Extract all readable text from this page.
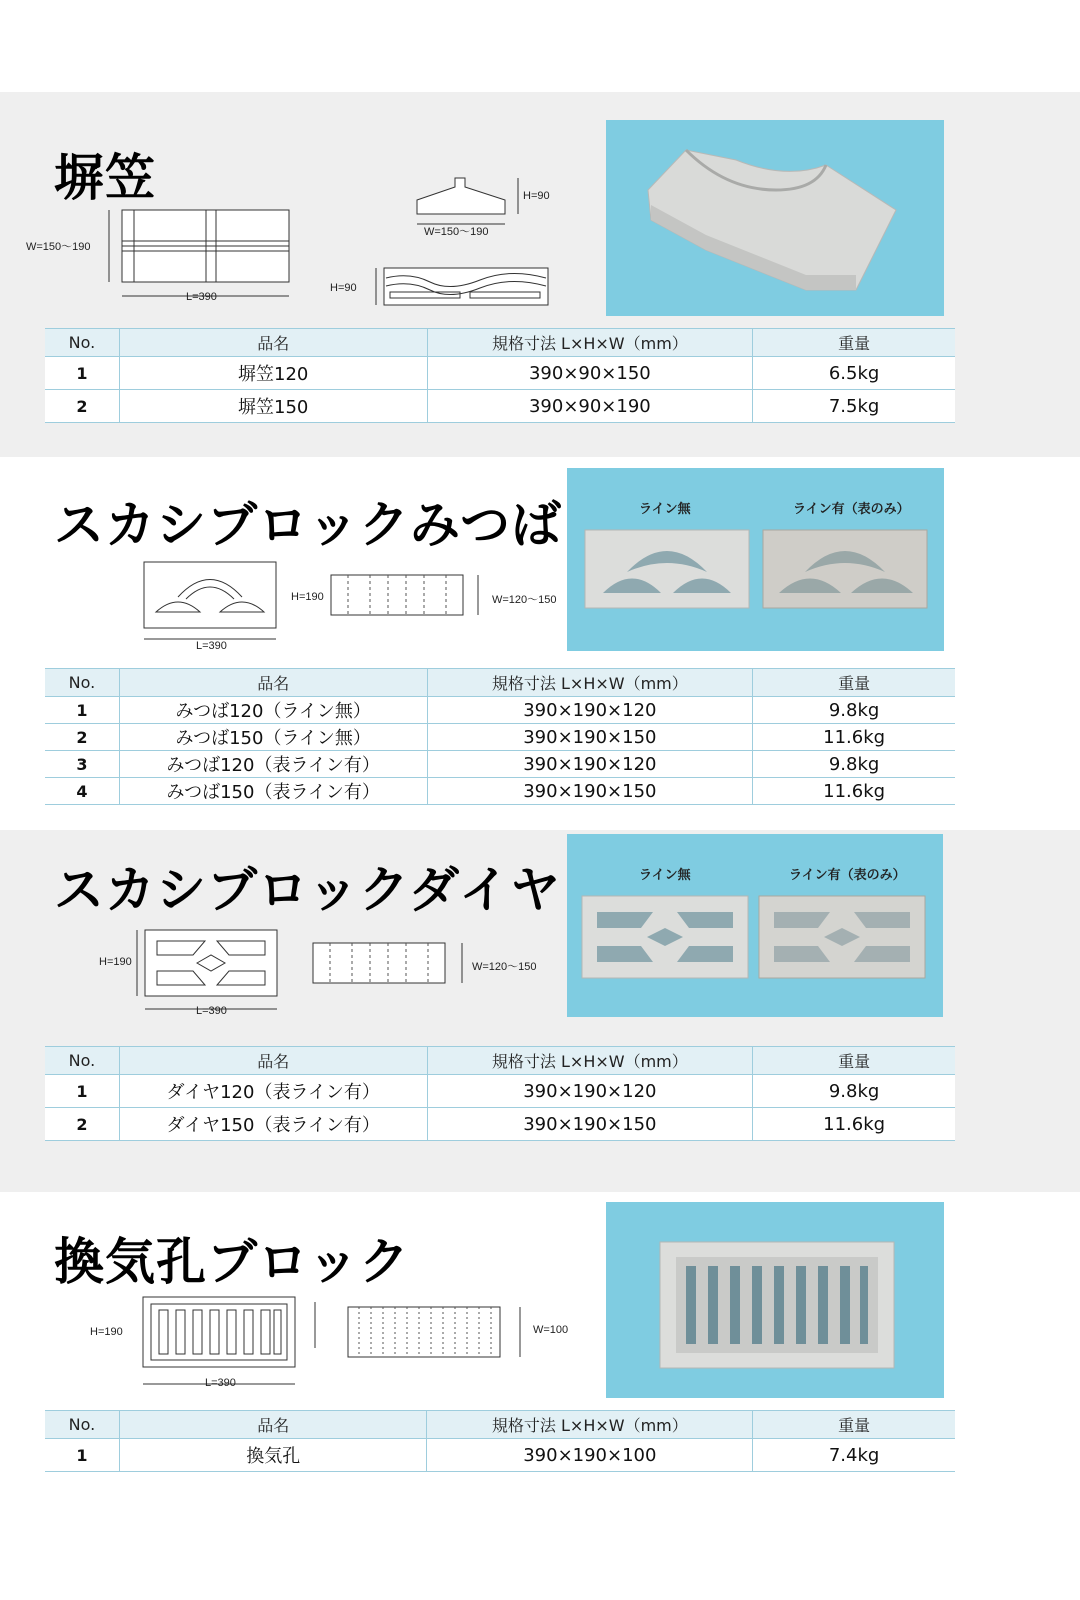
塀笠
W=150〜190
L=390
H=90
W=150〜190
H=90
No.	品名	規格寸法 L×H×W（mm）	重量
1	塀笠120	390×90×150	6.5kg
2	塀笠150	390×90×190	7.5kg
スカシブロックみつば
H=190
L=390
W=120〜150
ライン無	ライン有（表のみ）
No.	品名	規格寸法 L×H×W（mm）	重量
1	みつば120（ライン無）	390×190×120	9.8kg
2	みつば150（ライン無）	390×190×150	11.6kg
3	みつば120（表ライン有）	390×190×120	9.8kg
4	みつば150（表ライン有）	390×190×150	11.6kg
スカシブロックダイヤ
H=190
L=390
W=120〜150
ライン無	ライン有（表のみ）
No.	品名	規格寸法 L×H×W（mm）	重量
1	ダイヤ120（表ライン有）	390×190×120	9.8kg
2	ダイヤ150（表ライン有）	390×190×150	11.6kg
換気孔ブロック
H=190
L=390
W=100
No.	品名	規格寸法 L×H×W（mm）	重量
1	換気孔	390×190×100	7.4kg
